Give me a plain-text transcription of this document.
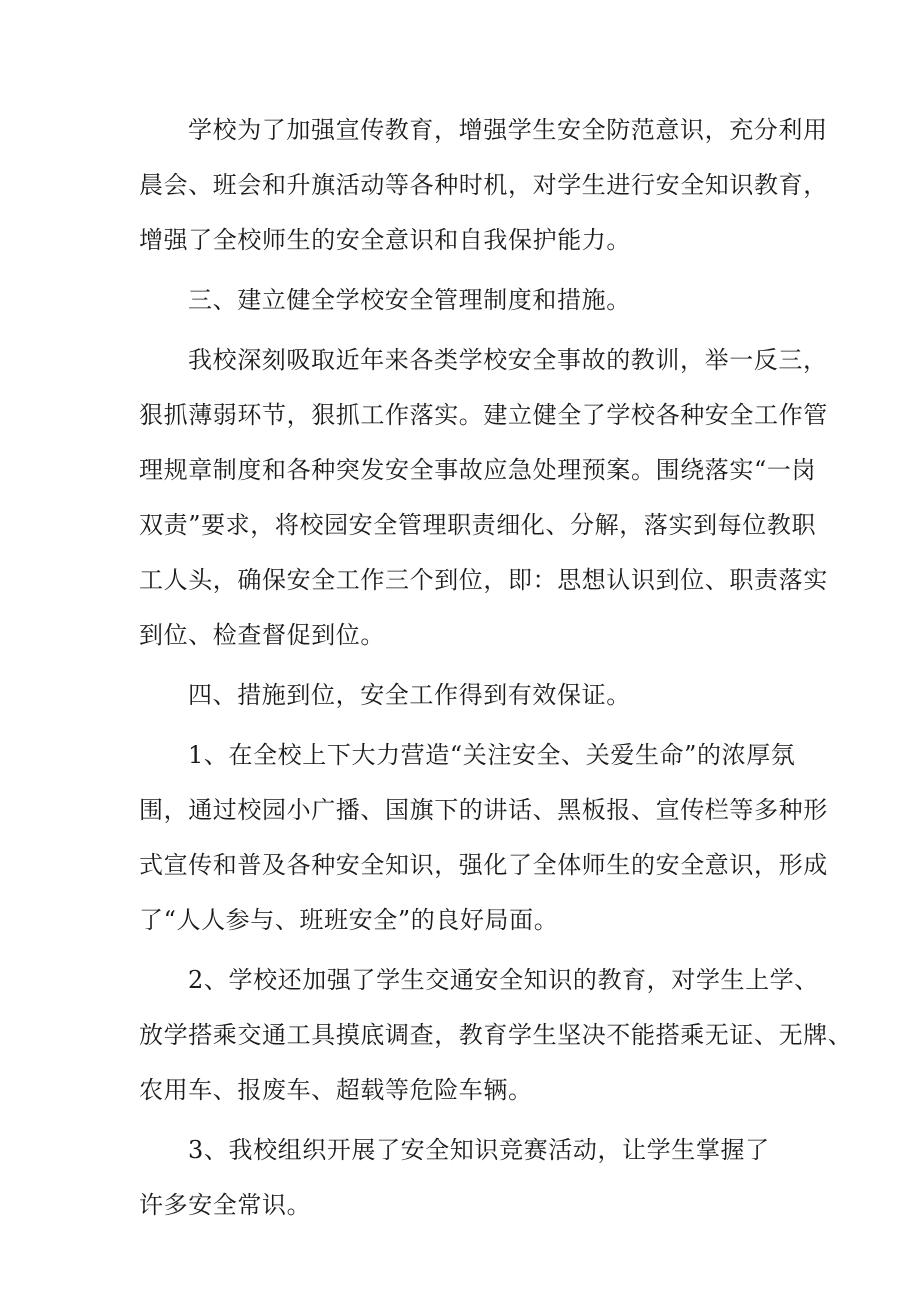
学校为了加强宣传教育，增强学生安全防范意识，充分利用
晨会、班会和升旗活动等各种时机，对学生进行安全知识教育，
增强了全校师生的安全意识和自我保护能力。
三、建立健全学校安全管理制度和措施。
我校深刻吸取近年来各类学校安全事故的教训，举一反三，
狠抓薄弱环节，狠抓工作落实。建立健全了学校各种安全工作管
理规章制度和各种突发安全事故应急处理预案。围绕落实“一岗
双责”要求，将校园安全管理职责细化、分解，落实到每位教职
工人头，确保安全工作三个到位，即：思想认识到位、职责落实
到位、检查督促到位。
四、措施到位，安全工作得到有效保证。
1、在全校上下大力营造“关注安全、关爱生命”的浓厚氛
围，通过校园小广播、国旗下的讲话、黑板报、宣传栏等多种形
式宣传和普及各种安全知识，强化了全体师生的安全意识，形成
了“人人参与、班班安全”的良好局面。
2、学校还加强了学生交通安全知识的教育，对学生上学、
放学搭乘交通工具摸底调查，教育学生坚决不能搭乘无证、无牌、
农用车、报废车、超载等危险车辆。
3、我校组织开展了安全知识竞赛活动，让学生掌握了
许多安全常识。
